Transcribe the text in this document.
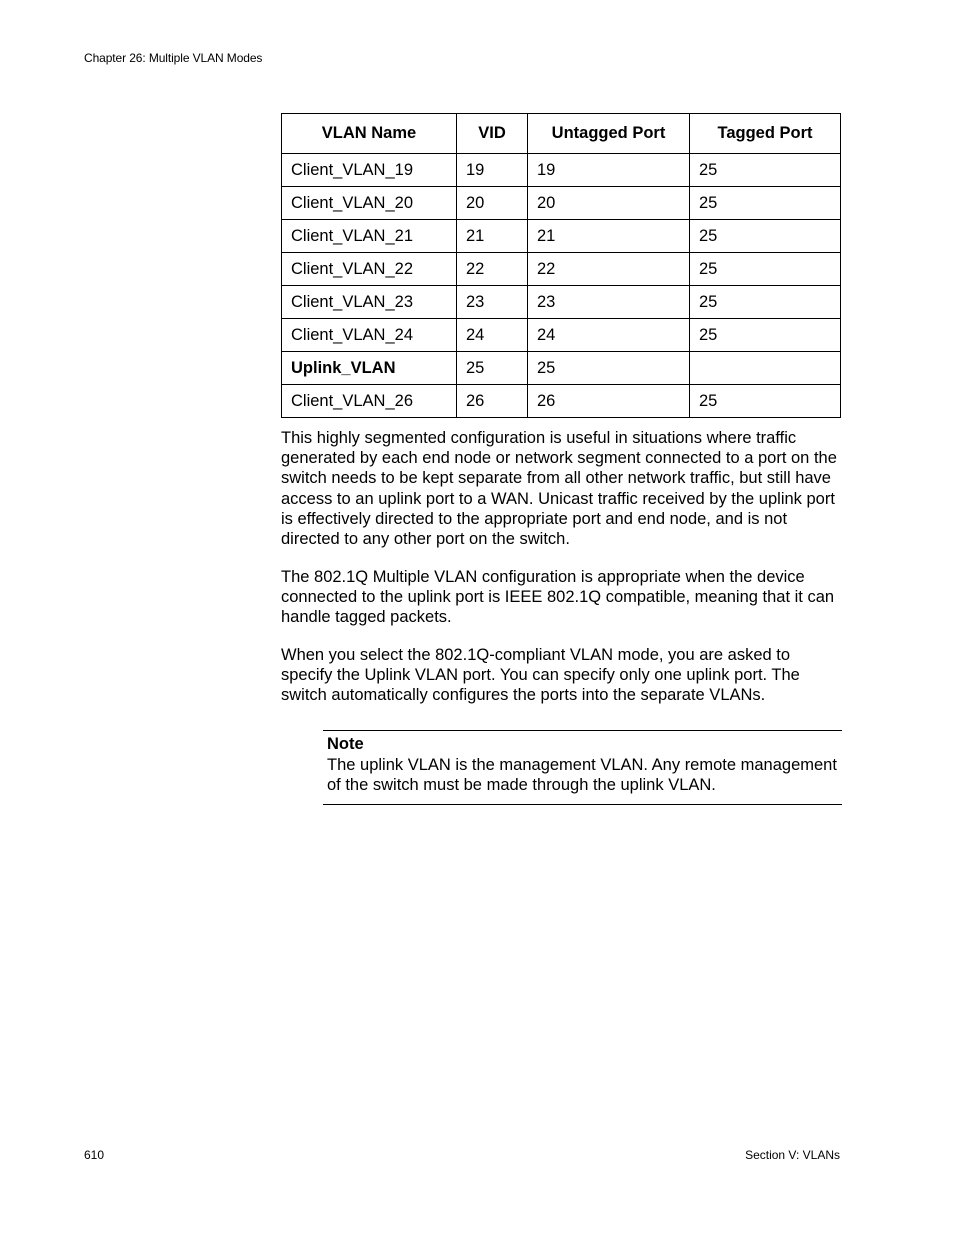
Chapter 26: Multiple VLAN Modes
VLAN Name	VID	Untagged Port	Tagged Port
Client_VLAN_19	19	19	25
Client_VLAN_20	20	20	25
Client_VLAN_21	21	21	25
Client_VLAN_22	22	22	25
Client_VLAN_23	23	23	25
Client_VLAN_24	24	24	25
Uplink_VLAN	25	25	
Client_VLAN_26	26	26	25

This highly segmented configuration is useful in situations where traffic generated by each end node or network segment connected to a port on the switch needs to be kept separate from all other network traffic, but still have access to an uplink port to a WAN. Unicast traffic received by the uplink port is effectively directed to the appropriate port and end node, and is not directed to any other port on the switch.

The 802.1Q Multiple VLAN configuration is appropriate when the device connected to the uplink port is IEEE 802.1Q compatible, meaning that it can handle tagged packets.

When you select the 802.1Q-compliant VLAN mode, you are asked to specify the Uplink VLAN port. You can specify only one uplink port. The switch automatically configures the ports into the separate VLANs.

Note
The uplink VLAN is the management VLAN. Any remote management of the switch must be made through the uplink VLAN.
610	Section V: VLANs
